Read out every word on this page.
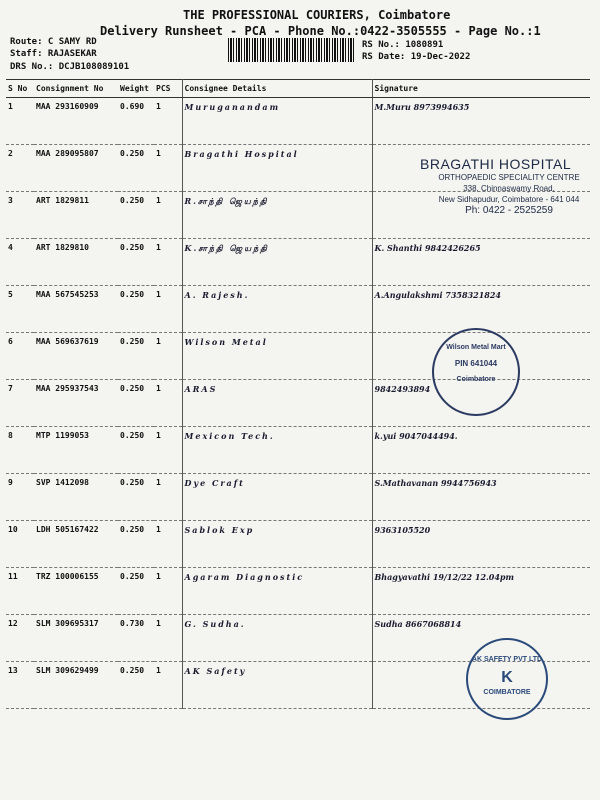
THE PROFESSIONAL COURIERS, Coimbatore
Delivery Runsheet - PCA - Phone No.:0422-3505555 - Page No.:1
Route: C SAMY RD
Staff: RAJASEKAR
DRS No.: DCJB108089101
RS No.: 1080891
RS Date: 19-Dec-2022
S No	Consignment No	Weight	PCS	Consignee Details	Signature
1	MAA 293160909	0.690	1	Muruganandam	M.Muru 8973994635
2	MAA 289095807	0.250	1	Bragathi Hospital	
3	ART 1829811	0.250	1	R.சாந்தி ஜெயந்தி	
4	ART 1829810	0.250	1	K.சாந்தி ஜெயந்தி	K. Shanthi 9842426265
5	MAA 567545253	0.250	1	A. Rajesh.	A.Angulakshmi 7358321824
6	MAA 569637619	0.250	1	Wilson Metal	
7	MAA 295937543	0.250	1	ARAS	9842493894
8	MTP 1199053	0.250	1	Mexicon Tech.	k.yui 9047044494.
9	SVP 1412098	0.250	1	Dye Craft	S.Mathavanan 9944756943
10	LDH 505167422	0.250	1	Sablok Exp	9363105520
11	TRZ 100006155	0.250	1	Agaram Diagnostic	Bhagyavathi 19/12/22 12.04pm
12	SLM 309695317	0.730	1	G. Sudha.	Sudha 8667068814
13	SLM 309629499	0.250	1	AK Safety	
BRAGATHI HOSPITAL
ORTHOPAEDIC SPECIALITY CENTRE
338, Chinnaswamy Road,
New Sidhapudur, Coimbatore - 641 044
Ph: 0422 - 2525259
Wilson Metal Mart
PIN 641044
Coimbatore
AK SAFETY PVT LTD
K
COIMBATORE
